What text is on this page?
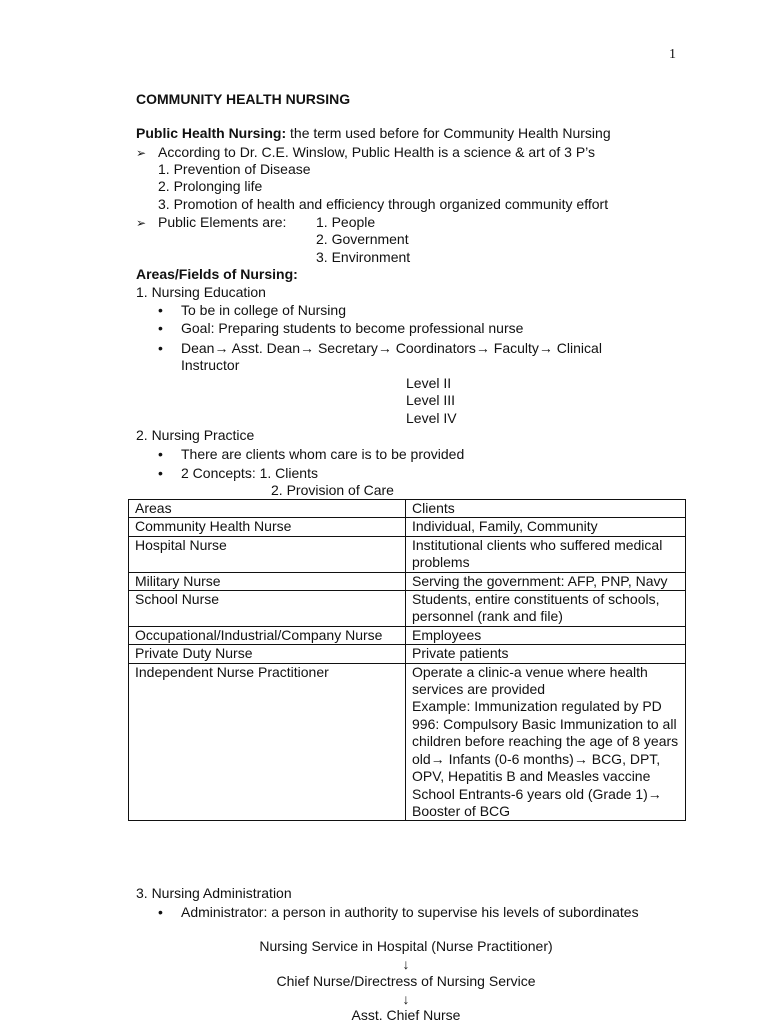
1
COMMUNITY HEALTH NURSING
Public Health Nursing: the term used before for Community Health Nursing
➢ According to Dr. C.E. Winslow, Public Health is a science & art of 3 P’s
1. Prevention of Disease
2. Prolonging life
3. Promotion of health and efficiency through organized community effort
➢ Public Elements are: 1. People
2. Government
3. Environment
Areas/Fields of Nursing:
1. Nursing Education
• To be in college of Nursing
• Goal: Preparing students to become professional nurse
• Dean→ Asst. Dean→ Secretary→ Coordinators→ Faculty→ Clinical
Instructor
Level II
Level III
Level IV
2. Nursing Practice
• There are clients whom care is to be provided
• 2 Concepts: 1. Clients
2. Provision of Care
Areas	Clients
Community Health Nurse	Individual, Family, Community
Hospital Nurse	Institutional clients who suffered medical problems
Military Nurse	Serving the government: AFP, PNP, Navy
School Nurse	Students, entire constituents of schools, personnel (rank and file)
Occupational/Industrial/Company Nurse	Employees
Private Duty Nurse	Private patients
Independent Nurse Practitioner	Operate a clinic-a venue where health services are provided
Example: Immunization regulated by PD 996: Compulsory Basic Immunization to all children before reaching the age of 8 years old→ Infants (0-6 months)→ BCG, DPT, OPV, Hepatitis B and Measles vaccine
School Entrants-6 years old (Grade 1)→ Booster of BCG
3. Nursing Administration
• Administrator: a person in authority to supervise his levels of subordinates
Nursing Service in Hospital (Nurse Practitioner)
↓
Chief Nurse/Directress of Nursing Service
↓
Asst. Chief Nurse
